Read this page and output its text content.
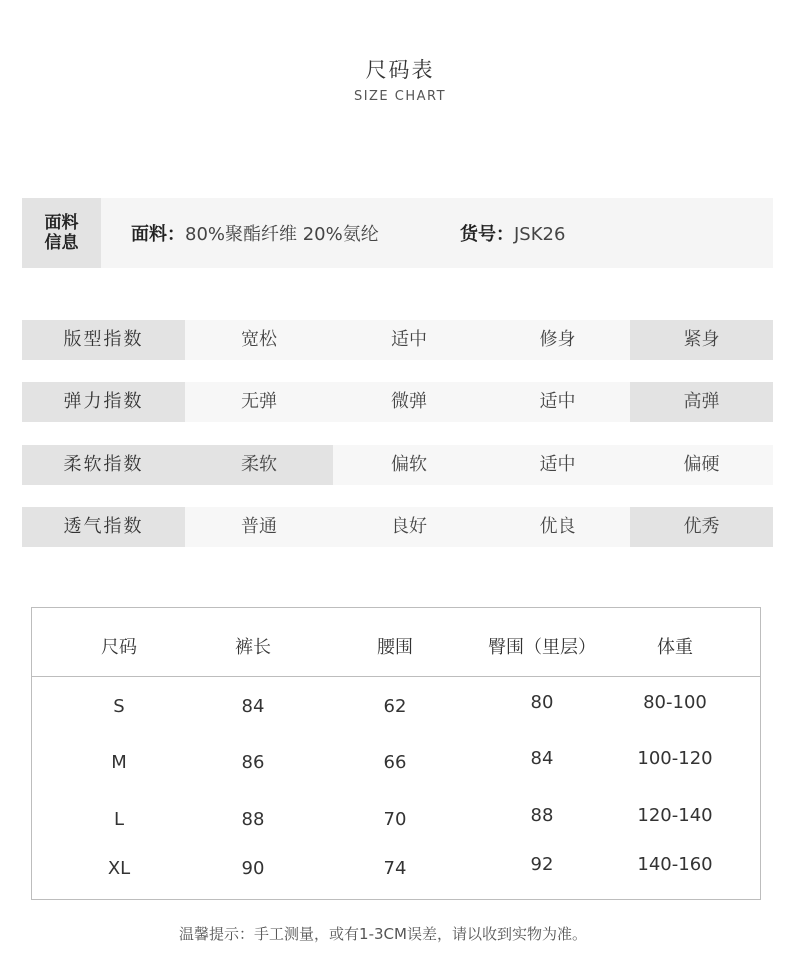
尺码表
SIZE CHART
面料
信息	面料：80%聚酯纤维 20%氨纶	货号：JSK26
版型指数	宽松	适中	修身	紧身
弹力指数	无弹	微弹	适中	高弹
柔软指数	柔软	偏软	适中	偏硬
透气指数	普通	良好	优良	优秀
尺码	裤长	腰围	臀围（里层）	体重
S	84	62	80	80-100
M	86	66	84	100-120
L	88	70	88	120-140
XL	90	74	92	140-160
温馨提示：手工测量，或有1-3CM误差，请以收到实物为准。
